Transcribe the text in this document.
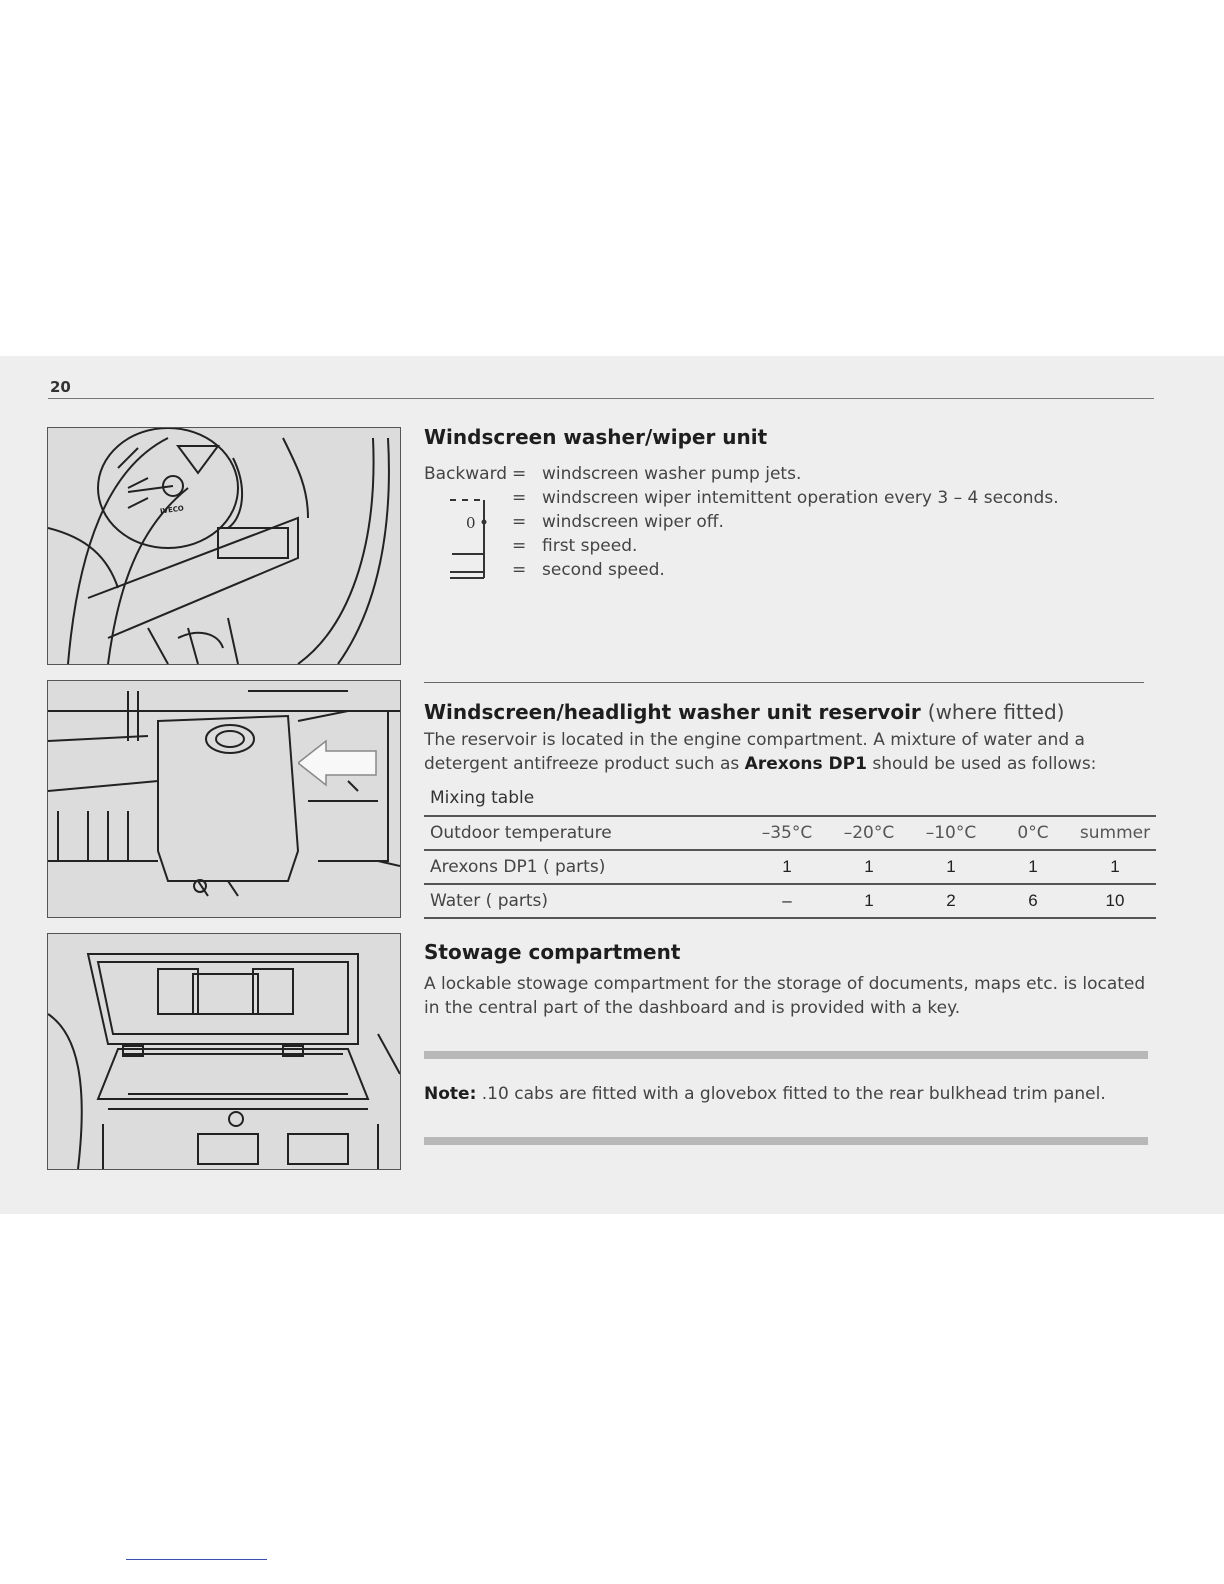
20
IVECO
Windscreen washer/wiper unit
Backward = windscreen washer pump jets.
= windscreen wiper intemittent operation every 3 – 4 seconds.
= windscreen wiper off.
= first speed.
= second speed.
0
Windscreen/headlight washer unit reservoir (where fitted)
The reservoir is located in the engine compartment. A mixture of water and a detergent antifreeze product such as Arexons DP1 should be used as follows:
Mixing table
Outdoor temperature	–35°C	–20°C	–10°C	0°C	summer
Arexons DP1 ( parts)	1	1	1	1	1
Water ( parts)	–	1	2	6	10
Stowage compartment
A lockable stowage compartment for the storage of documents, maps etc. is located in the central part of the dashboard and is provided with a key.
Note: .10 cabs are fitted with a glovebox fitted to the rear bulkhead trim panel.
